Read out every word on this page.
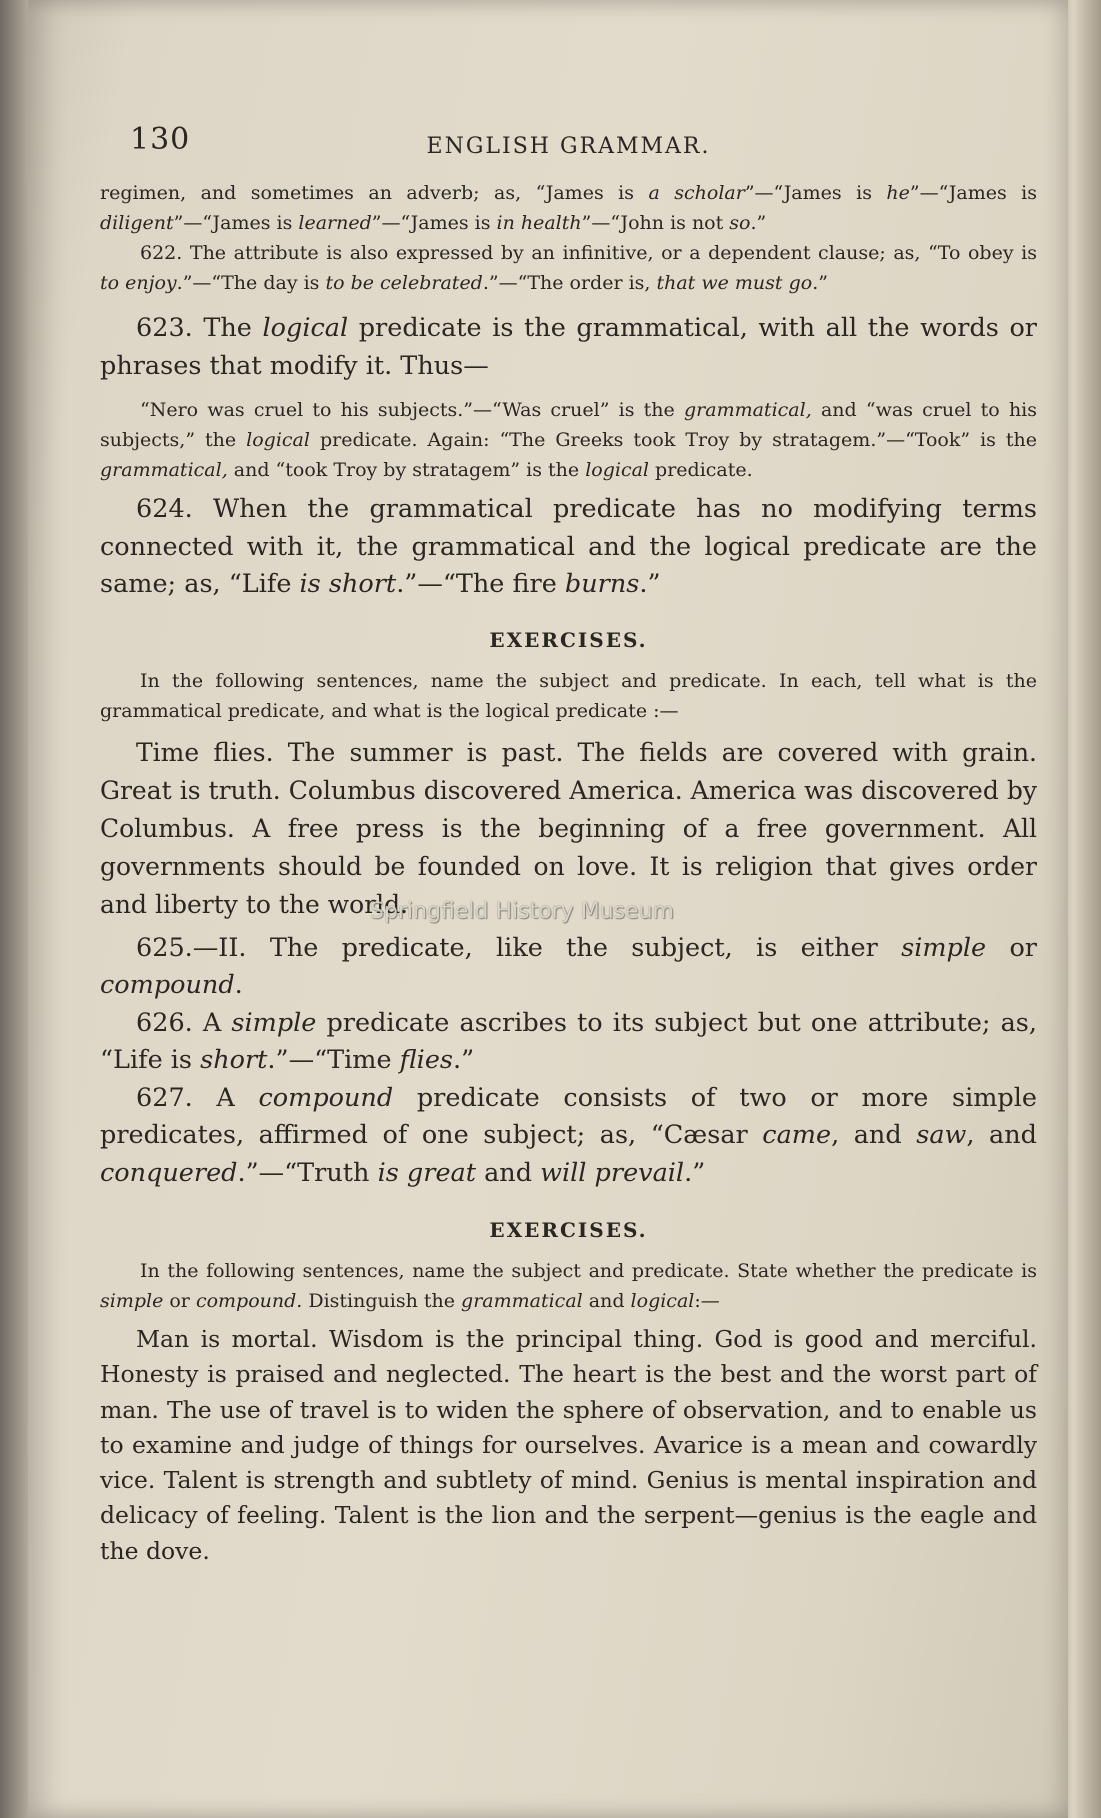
130	ENGLISH GRAMMAR.

regimen, and sometimes an adverb; as, “James is a scholar”—“James is he”—“James is diligent”—“James is learned”—“James is in health”—“John is not so.”

622. The attribute is also expressed by an infinitive, or a dependent clause; as, “To obey is to enjoy.”—“The day is to be celebrated.”—“The order is, that we must go.”

623. The logical predicate is the grammatical, with all the words or phrases that modify it. Thus—

“Nero was cruel to his subjects.”—“Was cruel” is the grammatical, and “was cruel to his subjects,” the logical predicate. Again: “The Greeks took Troy by stratagem.”—“Took” is the grammatical, and “took Troy by stratagem” is the logical predicate.

624. When the grammatical predicate has no modifying terms connected with it, the grammatical and the logical predicate are the same; as, “Life is short.”—“The fire burns.”

EXERCISES.

In the following sentences, name the subject and predicate. In each, tell what is the grammatical predicate, and what is the logical predicate :—

Time flies. The summer is past. The fields are covered with grain. Great is truth. Columbus discovered America. America was discovered by Columbus. A free press is the beginning of a free government. All governments should be founded on love. It is religion that gives order and liberty to the world.

625.—II. The predicate, like the subject, is either simple or compound.

626. A simple predicate ascribes to its subject but one attribute; as, “Life is short.”—“Time flies.”

627. A compound predicate consists of two or more simple predicates, affirmed of one subject; as, “Cæsar came, and saw, and conquered.”—“Truth is great and will prevail.”

EXERCISES.

In the following sentences, name the subject and predicate. State whether the predicate is simple or compound. Distinguish the grammatical and logical:—

Man is mortal. Wisdom is the principal thing. God is good and merciful. Honesty is praised and neglected. The heart is the best and the worst part of man. The use of travel is to widen the sphere of observation, and to enable us to examine and judge of things for ourselves. Avarice is a mean and cowardly vice. Talent is strength and subtlety of mind. Genius is mental inspiration and delicacy of feeling. Talent is the lion and the serpent—genius is the eagle and the dove.

Springfield History Museum
